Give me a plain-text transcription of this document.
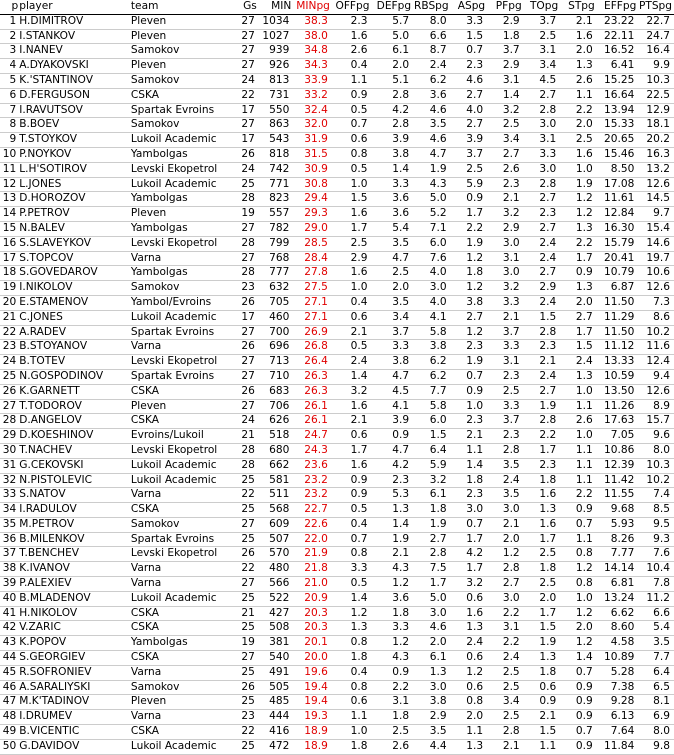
p	player	team	Gs	MIN	MINpg	OFFpg	DEFpg	RBSpg	ASpg	PFpg	TOpg	STpg	EFFpg	PTSpg
1	H.DIMITROV	Pleven	27	1034	38.3	2.3	5.7	8.0	3.3	2.9	3.7	2.1	23.22	22.7
2	I.STANKOV	Pleven	27	1027	38.0	1.6	5.0	6.6	1.5	1.8	2.5	1.6	22.11	24.7
3	I.NANEV	Samokov	27	939	34.8	2.6	6.1	8.7	0.7	3.7	3.1	2.0	16.52	16.4
4	A.DYAKOVSKI	Pleven	27	926	34.3	0.4	2.0	2.4	2.3	2.9	3.4	1.3	6.41	9.9
5	K.'STANTINOV	Samokov	24	813	33.9	1.1	5.1	6.2	4.6	3.1	4.5	2.6	15.25	10.3
6	D.FERGUSON	CSKA	22	731	33.2	0.9	2.8	3.6	2.7	1.4	2.7	1.1	16.64	22.5
7	I.RAVUTSOV	Spartak Evroins	17	550	32.4	0.5	4.2	4.6	4.0	3.2	2.8	2.2	13.94	12.9
8	B.BOEV	Samokov	27	863	32.0	0.7	2.8	3.5	2.7	2.5	3.0	2.0	15.33	18.1
9	T.STOYKOV	Lukoil Academic	17	543	31.9	0.6	3.9	4.6	3.9	3.4	3.1	2.5	20.65	20.2
10	P.NOYKOV	Yambolgas	26	818	31.5	0.8	3.8	4.7	3.7	2.7	3.3	1.6	15.46	16.3
11	L.H'SOTIROV	Levski Ekopetrol	24	742	30.9	0.5	1.4	1.9	2.5	2.6	3.0	1.0	8.50	13.2
12	L.JONES	Lukoil Academic	25	771	30.8	1.0	3.3	4.3	5.9	2.3	2.8	1.9	17.08	12.6
13	D.HOROZOV	Yambolgas	28	823	29.4	1.5	3.6	5.0	0.9	2.1	2.7	1.2	11.61	14.5
14	P.PETROV	Pleven	19	557	29.3	1.6	3.6	5.2	1.7	3.2	2.3	1.2	12.84	9.7
15	N.BALEV	Yambolgas	27	782	29.0	1.7	5.4	7.1	2.2	2.9	2.7	1.3	16.30	15.4
16	S.SLAVEYKOV	Levski Ekopetrol	28	799	28.5	2.5	3.5	6.0	1.9	3.0	2.4	2.2	15.79	14.6
17	S.TOPCOV	Varna	27	768	28.4	2.9	4.7	7.6	1.2	3.1	2.4	1.7	20.41	19.7
18	S.GOVEDAROV	Yambolgas	28	777	27.8	1.6	2.5	4.0	1.8	3.0	2.7	0.9	10.79	10.6
19	I.NIKOLOV	Samokov	23	632	27.5	1.0	2.0	3.0	1.2	3.2	2.9	1.3	6.87	12.6
20	E.STAMENOV	Yambol/Evroins	26	705	27.1	0.4	3.5	4.0	3.8	3.3	2.4	2.0	11.50	7.3
21	C.JONES	Lukoil Academic	17	460	27.1	0.6	3.4	4.1	2.7	2.1	1.5	2.7	11.29	8.6
22	A.RADEV	Spartak Evroins	27	700	26.9	2.1	3.7	5.8	1.2	3.7	2.8	1.7	11.50	10.2
23	B.STOYANOV	Varna	26	696	26.8	0.5	3.3	3.8	2.3	3.3	2.3	1.5	11.12	11.6
24	B.TOTEV	Levski Ekopetrol	27	713	26.4	2.4	3.8	6.2	1.9	3.1	2.1	2.4	13.33	12.4
25	N.GOSPODINOV	Spartak Evroins	27	710	26.3	1.4	4.7	6.2	0.7	2.3	2.4	1.3	10.59	9.4
26	K.GARNETT	CSKA	26	683	26.3	3.2	4.5	7.7	0.9	2.5	2.7	1.0	13.50	12.6
27	T.TODOROV	Pleven	27	706	26.1	1.6	4.1	5.8	1.0	3.3	1.9	1.1	11.26	8.9
28	D.ANGELOV	CSKA	24	626	26.1	2.1	3.9	6.0	2.3	3.7	2.8	2.6	17.63	15.7
29	D.KOESHINOV	Evroins/Lukoil	21	518	24.7	0.6	0.9	1.5	2.1	2.3	2.2	1.0	7.05	9.6
30	T.NACHEV	Levski Ekopetrol	28	680	24.3	1.7	4.7	6.4	1.1	2.8	1.7	1.1	10.86	8.0
31	G.CEKOVSKI	Lukoil Academic	28	662	23.6	1.6	4.2	5.9	1.4	3.5	2.3	1.1	12.39	10.3
32	N.PISTOLEVIC	Lukoil Academic	25	581	23.2	0.9	2.3	3.2	1.8	2.4	1.8	1.1	11.42	10.2
33	S.NATOV	Varna	22	511	23.2	0.9	5.3	6.1	2.3	3.5	1.6	2.2	11.55	7.4
34	I.RADULOV	CSKA	25	568	22.7	0.5	1.3	1.8	3.0	3.0	1.3	0.9	9.68	8.5
35	M.PETROV	Samokov	27	609	22.6	0.4	1.4	1.9	0.7	2.1	1.6	0.7	5.93	9.5
36	B.MILENKOV	Spartak Evroins	25	507	22.0	0.7	1.9	2.7	1.7	2.0	1.7	1.1	8.26	9.3
37	T.BENCHEV	Levski Ekopetrol	26	570	21.9	0.8	2.1	2.8	4.2	1.2	2.5	0.8	7.77	7.6
38	K.IVANOV	Varna	22	480	21.8	3.3	4.3	7.5	1.7	2.8	1.8	1.2	14.14	10.4
39	P.ALEXIEV	Varna	27	566	21.0	0.5	1.2	1.7	3.2	2.7	2.5	0.8	6.81	7.8
40	B.MLADENOV	Lukoil Academic	25	522	20.9	1.4	3.6	5.0	0.6	3.0	2.0	1.0	13.24	11.2
41	H.NIKOLOV	CSKA	21	427	20.3	1.2	1.8	3.0	1.6	2.2	1.7	1.2	6.62	6.6
42	V.ZARIC	CSKA	25	508	20.3	1.3	3.3	4.6	1.3	3.1	1.5	2.0	8.60	5.4
43	K.POPOV	Yambolgas	19	381	20.1	0.8	1.2	2.0	2.4	2.2	1.9	1.2	4.58	3.5
44	S.GEORGIEV	CSKA	27	540	20.0	1.8	4.3	6.1	0.6	2.4	1.3	1.4	10.89	7.7
45	R.SOFRONIEV	Varna	25	491	19.6	0.4	0.9	1.3	1.2	2.5	1.8	0.7	5.28	6.4
46	A.SARALIYSKI	Samokov	26	505	19.4	0.8	2.2	3.0	0.6	2.5	0.6	0.9	7.38	6.5
47	M.K'TADINOV	Pleven	25	485	19.4	0.6	3.1	3.8	0.8	3.4	0.9	0.9	9.28	8.1
48	I.DRUMEV	Varna	23	444	19.3	1.1	1.8	2.9	2.0	2.5	2.1	0.9	6.13	6.9
49	B.VICENTIC	CSKA	22	416	18.9	1.0	2.5	3.5	1.1	2.8	1.5	0.7	7.64	8.0
50	G.DAVIDOV	Lukoil Academic	25	472	18.9	1.8	2.6	4.4	1.3	2.1	1.1	0.9	11.84	9.8
